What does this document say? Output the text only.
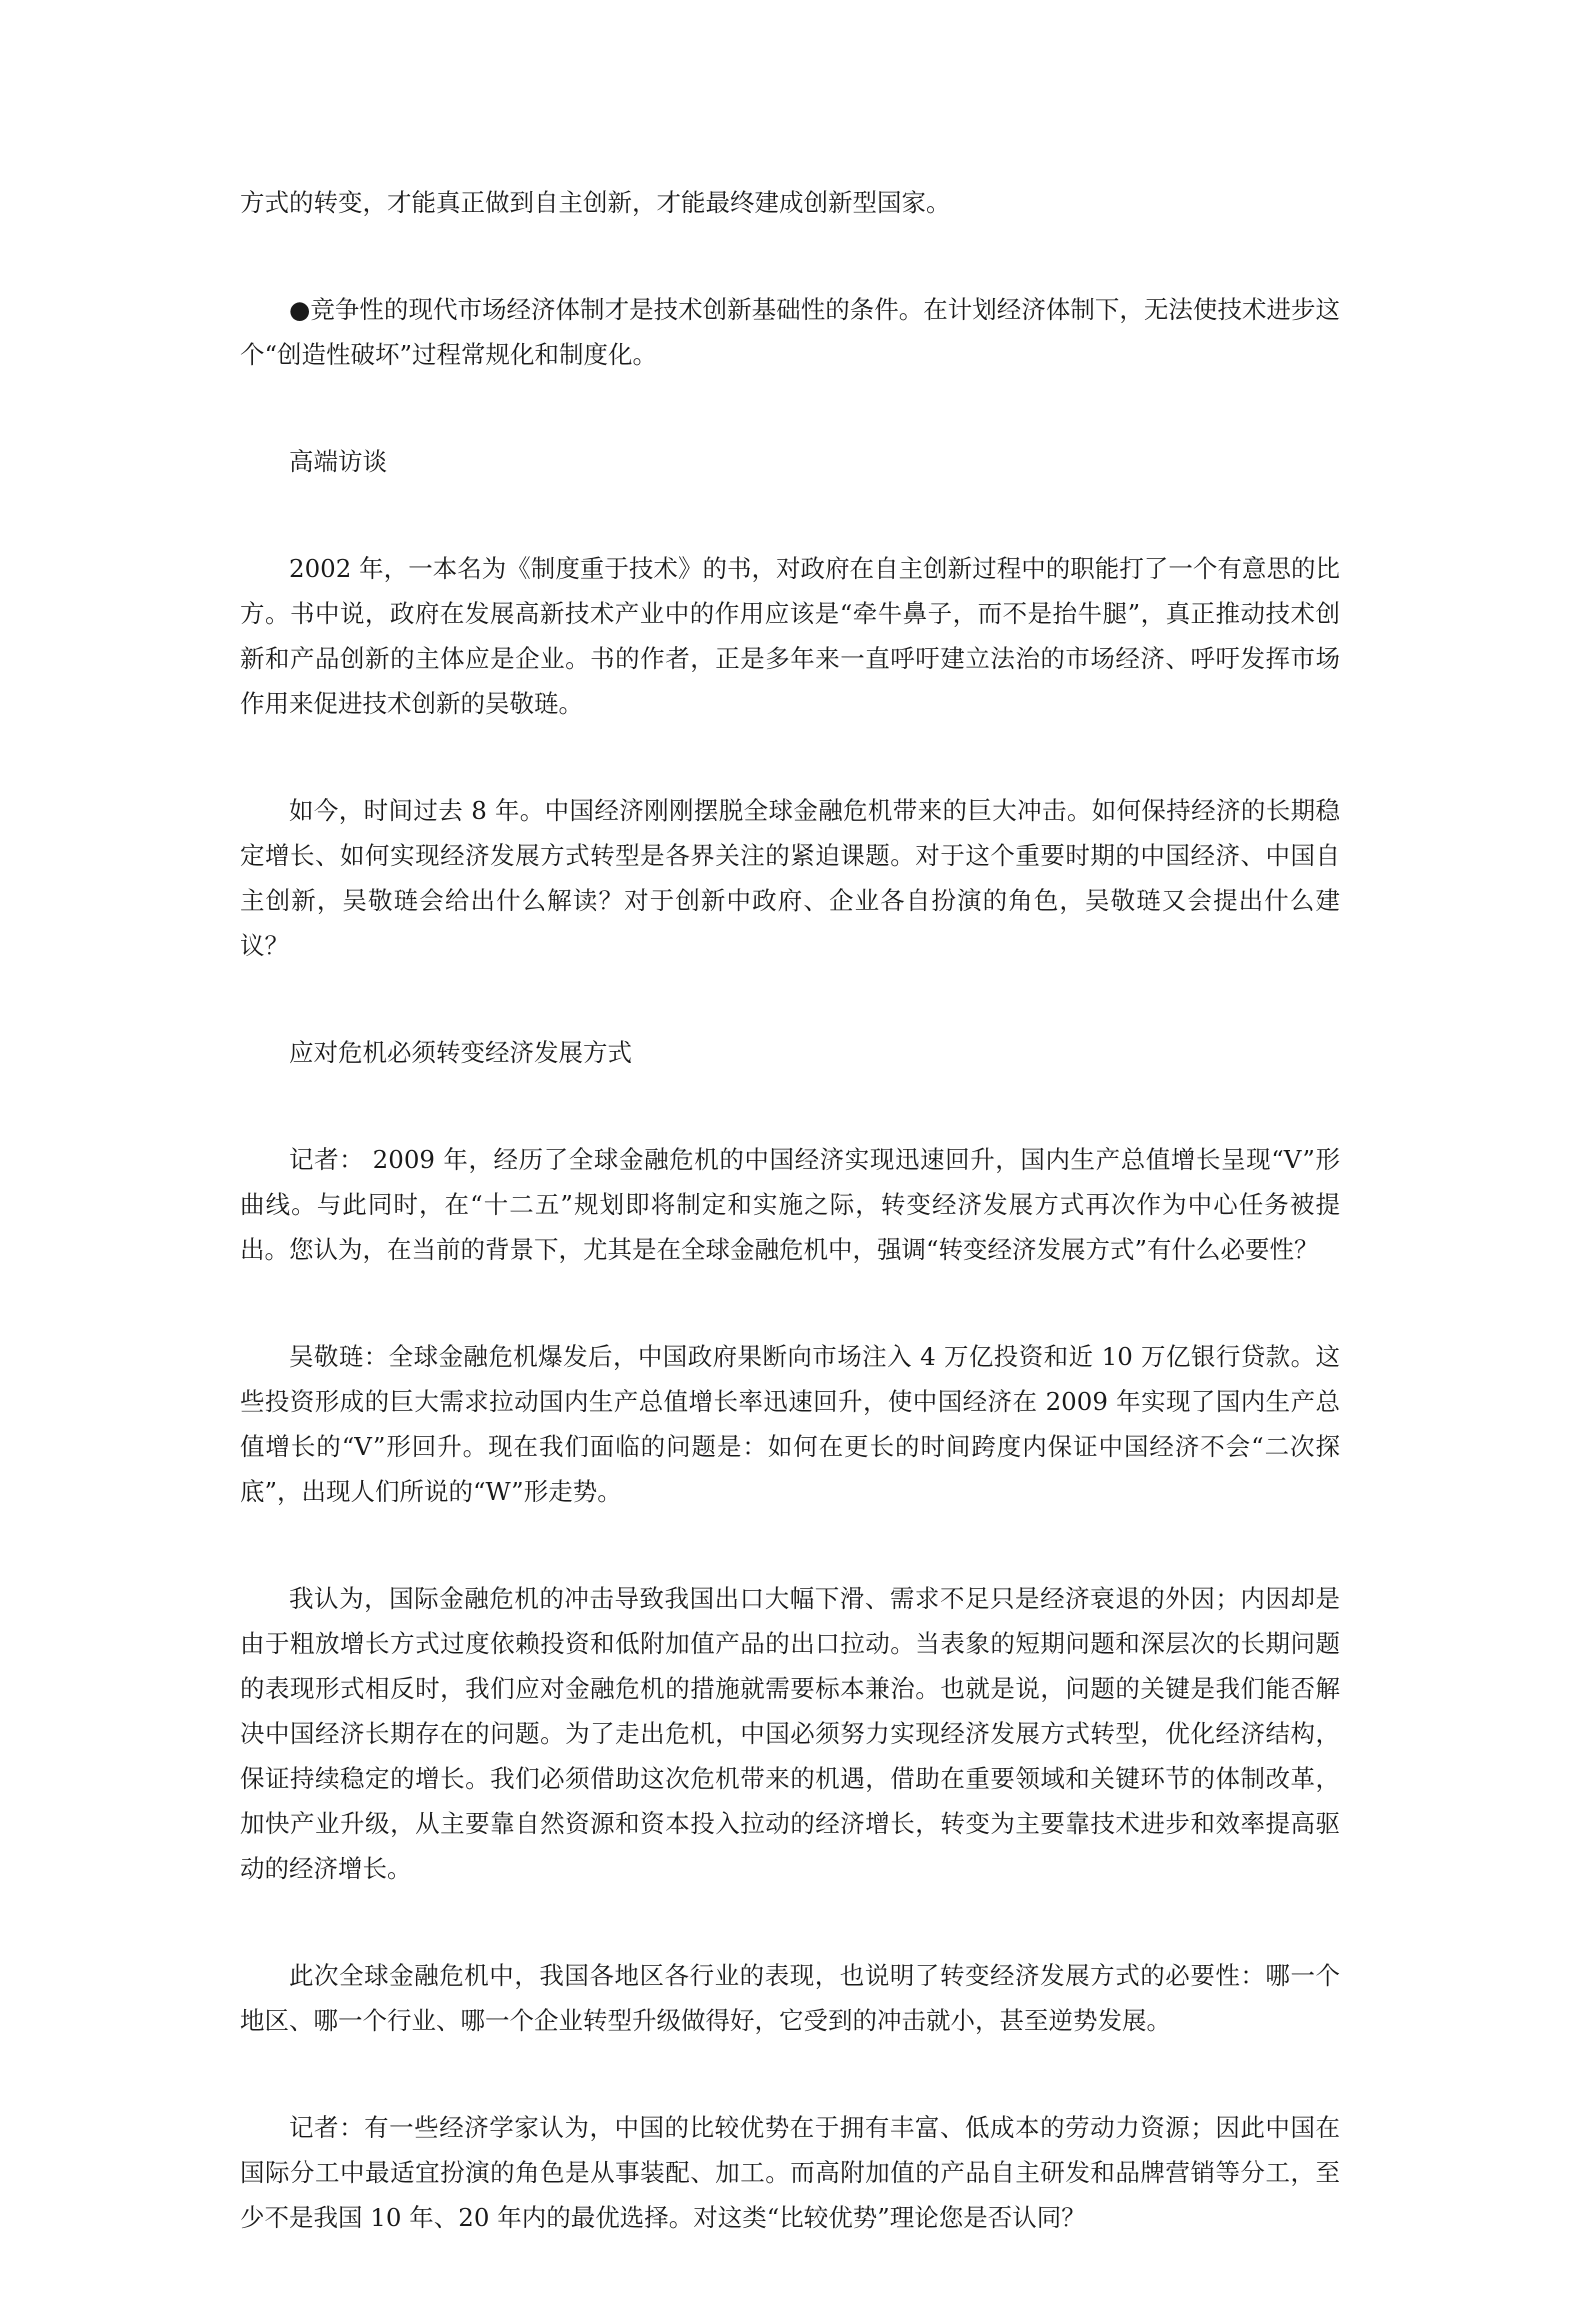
方式的转变，才能真正做到自主创新，才能最终建成创新型国家。

●竞争性的现代市场经济体制才是技术创新基础性的条件。在计划经济体制下，无法使技术进步这个“创造性破坏”过程常规化和制度化。

高端访谈

2002 年，一本名为《制度重于技术》的书，对政府在自主创新过程中的职能打了一个有意思的比方。书中说，政府在发展高新技术产业中的作用应该是“牵牛鼻子，而不是抬牛腿”，真正推动技术创新和产品创新的主体应是企业。书的作者，正是多年来一直呼吁建立法治的市场经济、呼吁发挥市场作用来促进技术创新的吴敬琏。

如今，时间过去 8 年。中国经济刚刚摆脱全球金融危机带来的巨大冲击。如何保持经济的长期稳定增长、如何实现经济发展方式转型是各界关注的紧迫课题。对于这个重要时期的中国经济、中国自主创新，吴敬琏会给出什么解读？对于创新中政府、企业各自扮演的角色，吴敬琏又会提出什么建议？

应对危机必须转变经济发展方式

记者： 2009 年，经历了全球金融危机的中国经济实现迅速回升，国内生产总值增长呈现“V”形曲线。与此同时，在“十二五”规划即将制定和实施之际，转变经济发展方式再次作为中心任务被提出。您认为，在当前的背景下，尤其是在全球金融危机中，强调“转变经济发展方式”有什么必要性？

吴敬琏：全球金融危机爆发后，中国政府果断向市场注入 4 万亿投资和近 10 万亿银行贷款。这些投资形成的巨大需求拉动国内生产总值增长率迅速回升，使中国经济在 2009 年实现了国内生产总值增长的“V”形回升。现在我们面临的问题是：如何在更长的时间跨度内保证中国经济不会“二次探底”，出现人们所说的“W”形走势。

我认为，国际金融危机的冲击导致我国出口大幅下滑、需求不足只是经济衰退的外因；内因却是由于粗放增长方式过度依赖投资和低附加值产品的出口拉动。当表象的短期问题和深层次的长期问题的表现形式相反时，我们应对金融危机的措施就需要标本兼治。也就是说，问题的关键是我们能否解决中国经济长期存在的问题。为了走出危机，中国必须努力实现经济发展方式转型，优化经济结构，保证持续稳定的增长。我们必须借助这次危机带来的机遇，借助在重要领域和关键环节的体制改革，加快产业升级，从主要靠自然资源和资本投入拉动的经济增长，转变为主要靠技术进步和效率提高驱动的经济增长。

此次全球金融危机中，我国各地区各行业的表现，也说明了转变经济发展方式的必要性：哪一个地区、哪一个行业、哪一个企业转型升级做得好，它受到的冲击就小，甚至逆势发展。

记者：有一些经济学家认为，中国的比较优势在于拥有丰富、低成本的劳动力资源；因此中国在国际分工中最适宜扮演的角色是从事装配、加工。而高附加值的产品自主研发和品牌营销等分工，至少不是我国 10 年、20 年内的最优选择。对这类“比较优势”理论您是否认同？
